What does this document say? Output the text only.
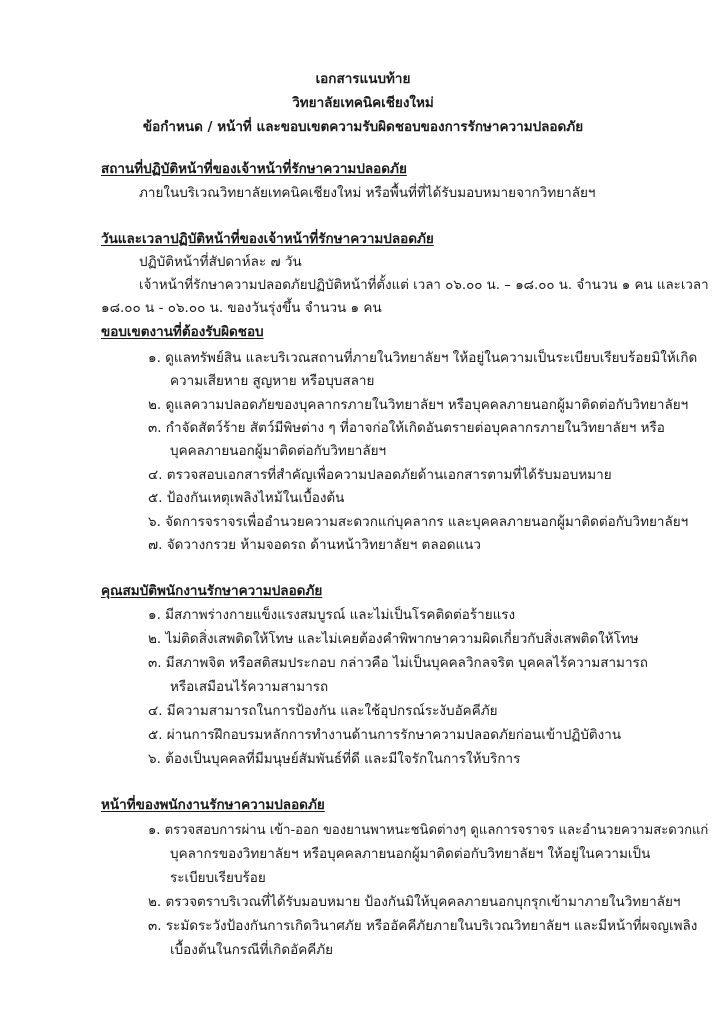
เอกสารแนบท้าย
วิทยาลัยเทคนิคเชียงใหม่
ข้อกำหนด / หน้าที่ และขอบเขตความรับผิดชอบของการรักษาความปลอดภัย
สถานที่ปฏิบัติหน้าที่ของเจ้าหน้าที่รักษาความปลอดภัย
ภายในบริเวณวิทยาลัยเทคนิคเชียงใหม่ หรือพื้นที่ที่ได้รับมอบหมายจากวิทยาลัยฯ
วันและเวลาปฏิบัติหน้าที่ของเจ้าหน้าที่รักษาความปลอดภัย
ปฏิบัติหน้าที่สัปดาห์ละ ๗ วัน
เจ้าหน้าที่รักษาความปลอดภัยปฏิบัติหน้าที่ตั้งแต่ เวลา ๐๖.๐๐ น. – ๑๘.๐๐ น. จำนวน ๑ คน และเวลา
๑๘.๐๐ น - ๐๖.๐๐ น. ของวันรุ่งขึ้น จำนวน ๑ คน
ขอบเขตงานที่ต้องรับผิดชอบ
๑. ดูแลทรัพย์สิน และบริเวณสถานที่ภายในวิทยาลัยฯ ให้อยู่ในความเป็นระเบียบเรียบร้อยมิให้เกิด
ความเสียหาย สูญหาย หรือบุบสลาย
๒. ดูแลความปลอดภัยของบุคลากรภายในวิทยาลัยฯ หรือบุคคลภายนอกผู้มาติดต่อกับวิทยาลัยฯ
๓. กำจัดสัตว์ร้าย สัตว์มีพิษต่าง ๆ ที่อาจก่อให้เกิดอันตรายต่อบุคลากรภายในวิทยาลัยฯ หรือ
บุคคลภายนอกผู้มาติดต่อกับวิทยาลัยฯ
๔. ตรวจสอบเอกสารที่สำคัญเพื่อความปลอดภัยด้านเอกสารตามที่ได้รับมอบหมาย
๕. ป้องกันเหตุเพลิงไหม้ในเบื้องต้น
๖. จัดการจราจรเพื่ออำนวยความสะดวกแก่บุคลากร และบุคคลภายนอกผู้มาติดต่อกับวิทยาลัยฯ
๗. จัดวางกรวย ห้ามจอดรถ ด้านหน้าวิทยาลัยฯ ตลอดแนว
คุณสมบัติพนักงานรักษาความปลอดภัย
๑. มีสภาพร่างกายแข็งแรงสมบูรณ์ และไม่เป็นโรคติดต่อร้ายแรง
๒. ไม่ติดสิ่งเสพติดให้โทษ และไม่เคยต้องคำพิพากษาความผิดเกี่ยวกับสิ่งเสพติดให้โทษ
๓. มีสภาพจิต หรือสติสมประกอบ กล่าวคือ ไม่เป็นบุคคลวิกลจริต บุคคลไร้ความสามารถ
หรือเสมือนไร้ความสามารถ
๔. มีความสามารถในการป้องกัน และใช้อุปกรณ์ระงับอัคคีภัย
๕. ผ่านการฝึกอบรมหลักการทำงานด้านการรักษาความปลอดภัยก่อนเข้าปฏิบัติงาน
๖. ต้องเป็นบุคคลที่มีมนุษย์สัมพันธ์ที่ดี และมีใจรักในการให้บริการ
หน้าที่ของพนักงานรักษาความปลอดภัย
๑. ตรวจสอบการผ่าน เข้า-ออก ของยานพาหนะชนิดต่างๆ ดูแลการจราจร และอำนวยความสะดวกแก่
บุคลากรของวิทยาลัยฯ หรือบุคคลภายนอกผู้มาติดต่อกับวิทยาลัยฯ ให้อยู่ในความเป็น
ระเบียบเรียบร้อย
๒. ตรวจตราบริเวณที่ได้รับมอบหมาย ป้องกันมิให้บุคคลภายนอกบุกรุกเข้ามาภายในวิทยาลัยฯ
๓. ระมัดระวังป้องกันการเกิดวินาศภัย หรืออัคคีภัยภายในบริเวณวิทยาลัยฯ และมีหน้าที่ผจญเพลิง
เบื้องต้นในกรณีที่เกิดอัคคีภัย
